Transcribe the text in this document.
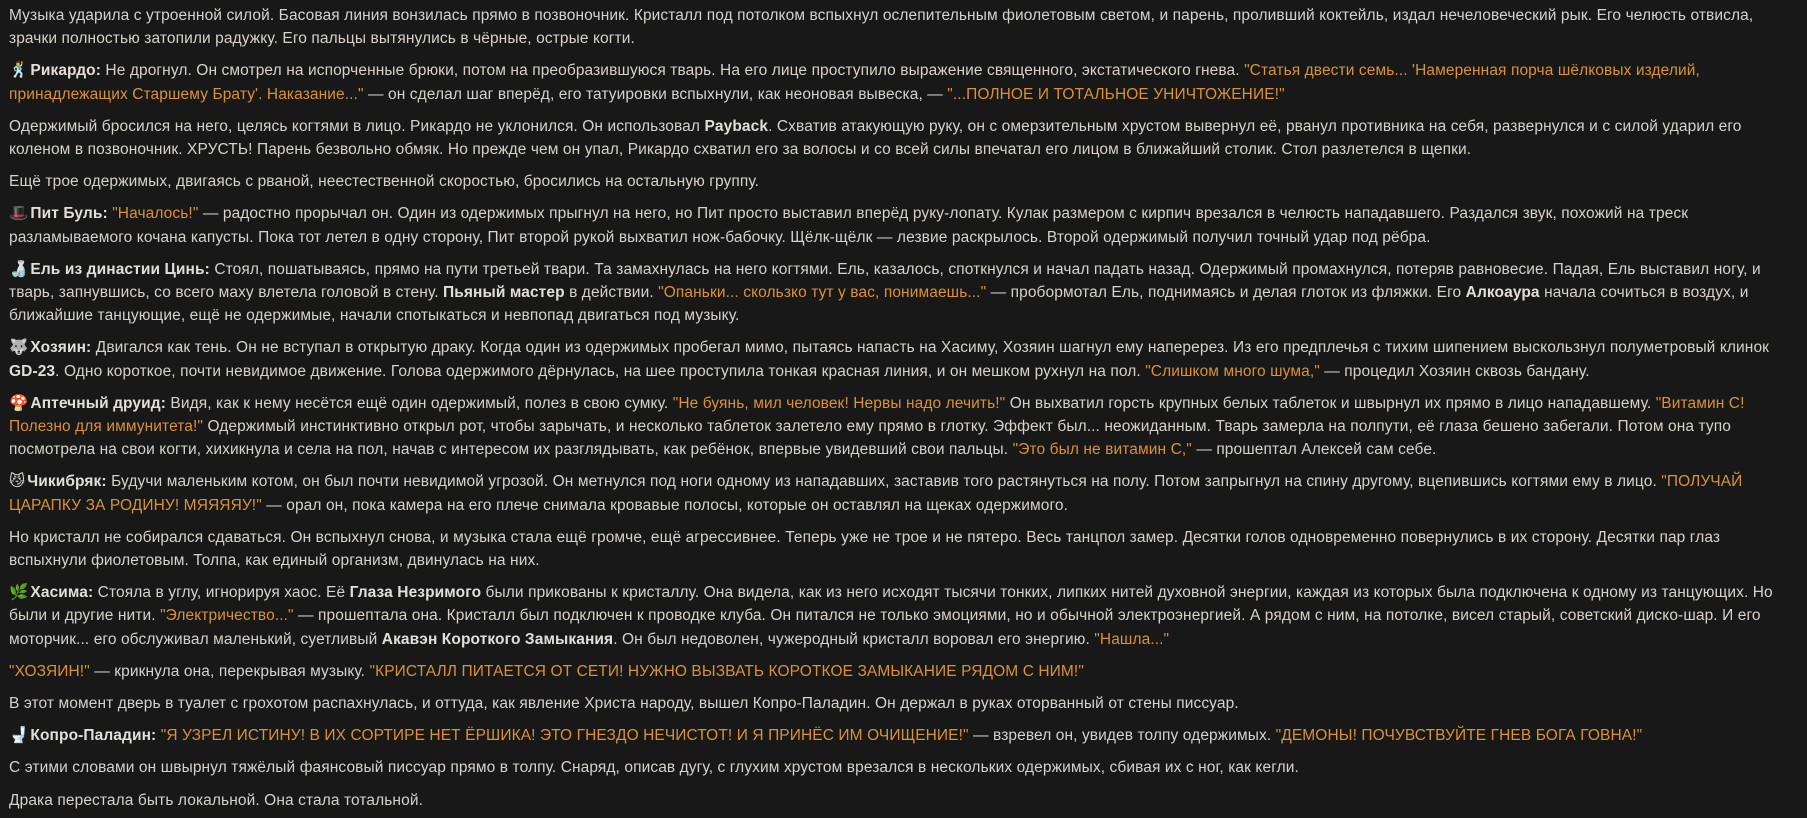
Музыка ударила с утроенной силой. Басовая линия вонзилась прямо в позвоночник. Кристалл под потолком вспыхнул ослепительным фиолетовым светом, и парень, проливший коктейль, издал нечеловеческий рык. Его челюсть отвисла, зрачки полностью затопили радужку. Его пальцы вытянулись в чёрные, острые когти.

🕺 Рикардо: Не дрогнул. Он смотрел на испорченные брюки, потом на преобразившуюся тварь. На его лице проступило выражение священного, экстатического гнева. "Статья двести семь... 'Намеренная порча шёлковых изделий, принадлежащих Старшему Брату'. Наказание..." — он сделал шаг вперёд, его татуировки вспыхнули, как неоновая вывеска, — "...ПОЛНОЕ И ТОТАЛЬНОЕ УНИЧТОЖЕНИЕ!"

Одержимый бросился на него, целясь когтями в лицо. Рикардо не уклонился. Он использовал Payback. Схватив атакующую руку, он с омерзительным хрустом вывернул её, рванул противника на себя, развернулся и с силой ударил его коленом в позвоночник. ХРУСТЬ! Парень безвольно обмяк. Но прежде чем он упал, Рикардо схватил его за волосы и со всей силы впечатал его лицом в ближайший столик. Стол разлетелся в щепки.

Ещё трое одержимых, двигаясь с рваной, неестественной скоростью, бросились на остальную группу.

🎩 Пит Буль: "Началось!" — радостно прорычал он. Один из одержимых прыгнул на него, но Пит просто выставил вперёд руку-лопату. Кулак размером с кирпич врезался в челюсть нападавшего. Раздался звук, похожий на треск разламываемого кочана капусты. Пока тот летел в одну сторону, Пит второй рукой выхватил нож-бабочку. Щёлк-щёлк — лезвие раскрылось. Второй одержимый получил точный удар под рёбра.

🍶 Ель из династии Цинь: Стоял, пошатываясь, прямо на пути третьей твари. Та замахнулась на него когтями. Ель, казалось, споткнулся и начал падать назад. Одержимый промахнулся, потеряв равновесие. Падая, Ель выставил ногу, и тварь, запнувшись, со всего маху влетела головой в стену. Пьяный мастер в действии. "Опаньки... скользко тут у вас, понимаешь..." — пробормотал Ель, поднимаясь и делая глоток из фляжки. Его Алкоаура начала сочиться в воздух, и ближайшие танцующие, ещё не одержимые, начали спотыкаться и невпопад двигаться под музыку.

🐺 Хозяин: Двигался как тень. Он не вступал в открытую драку. Когда один из одержимых пробегал мимо, пытаясь напасть на Хасиму, Хозяин шагнул ему наперерез. Из его предплечья с тихим шипением выскользнул полуметровый клинок GD-23. Одно короткое, почти невидимое движение. Голова одержимого дёрнулась, на шее проступила тонкая красная линия, и он мешком рухнул на пол. "Слишком много шума," — процедил Хозяин сквозь бандану.

🍄 Аптечный друид: Видя, как к нему несётся ещё один одержимый, полез в свою сумку. "Не буянь, мил человек! Нервы надо лечить!" Он выхватил горсть крупных белых таблеток и швырнул их прямо в лицо нападавшему. "Витамин С! Полезно для иммунитета!" Одержимый инстинктивно открыл рот, чтобы зарычать, и несколько таблеток залетело ему прямо в глотку. Эффект был... неожиданным. Тварь замерла на полпути, её глаза бешено забегали. Потом она тупо посмотрела на свои когти, хихикнула и села на пол, начав с интересом их разглядывать, как ребёнок, впервые увидевший свои пальцы. "Это был не витамин С," — прошептал Алексей сам себе.

😼 Чикибряк: Будучи маленьким котом, он был почти невидимой угрозой. Он метнулся под ноги одному из нападавших, заставив того растянуться на полу. Потом запрыгнул на спину другому, вцепившись когтями ему в лицо. "ПОЛУЧАЙ ЦАРАПКУ ЗА РОДИНУ! МЯЯЯЯУ!" — орал он, пока камера на его плече снимала кровавые полосы, которые он оставлял на щеках одержимого.

Но кристалл не собирался сдаваться. Он вспыхнул снова, и музыка стала ещё громче, ещё агрессивнее. Теперь уже не трое и не пятеро. Весь танцпол замер. Десятки голов одновременно повернулись в их сторону. Десятки пар глаз вспыхнули фиолетовым. Толпа, как единый организм, двинулась на них.

🌿 Хасима: Стояла в углу, игнорируя хаос. Её Глаза Незримого были прикованы к кристаллу. Она видела, как из него исходят тысячи тонких, липких нитей духовной энергии, каждая из которых была подключена к одному из танцующих. Но были и другие нити. "Электричество..." — прошептала она. Кристалл был подключен к проводке клуба. Он питался не только эмоциями, но и обычной электроэнергией. А рядом с ним, на потолке, висел старый, советский диско-шар. И его моторчик... его обслуживал маленький, суетливый Акавэн Короткого Замыкания. Он был недоволен, чужеродный кристалл воровал его энергию. "Нашла..."

"ХОЗЯИН!" — крикнула она, перекрывая музыку. "КРИСТАЛЛ ПИТАЕТСЯ ОТ СЕТИ! НУЖНО ВЫЗВАТЬ КОРОТКОЕ ЗАМЫКАНИЕ РЯДОМ С НИМ!"

В этот момент дверь в туалет с грохотом распахнулась, и оттуда, как явление Христа народу, вышел Копро-Паладин. Он держал в руках оторванный от стены писсуар.

🚽 Копро-Паладин: "Я УЗРЕЛ ИСТИНУ! В ИХ СОРТИРЕ НЕТ ЁРШИКА! ЭТО ГНЕЗДО НЕЧИСТОТ! И Я ПРИНЁС ИМ ОЧИЩЕНИЕ!" — взревел он, увидев толпу одержимых. "ДЕМОНЫ! ПОЧУВСТВУЙТЕ ГНЕВ БОГА ГОВНА!"

С этими словами он швырнул тяжёлый фаянсовый писсуар прямо в толпу. Снаряд, описав дугу, с глухим хрустом врезался в нескольких одержимых, сбивая их с ног, как кегли.

Драка перестала быть локальной. Она стала тотальной.
